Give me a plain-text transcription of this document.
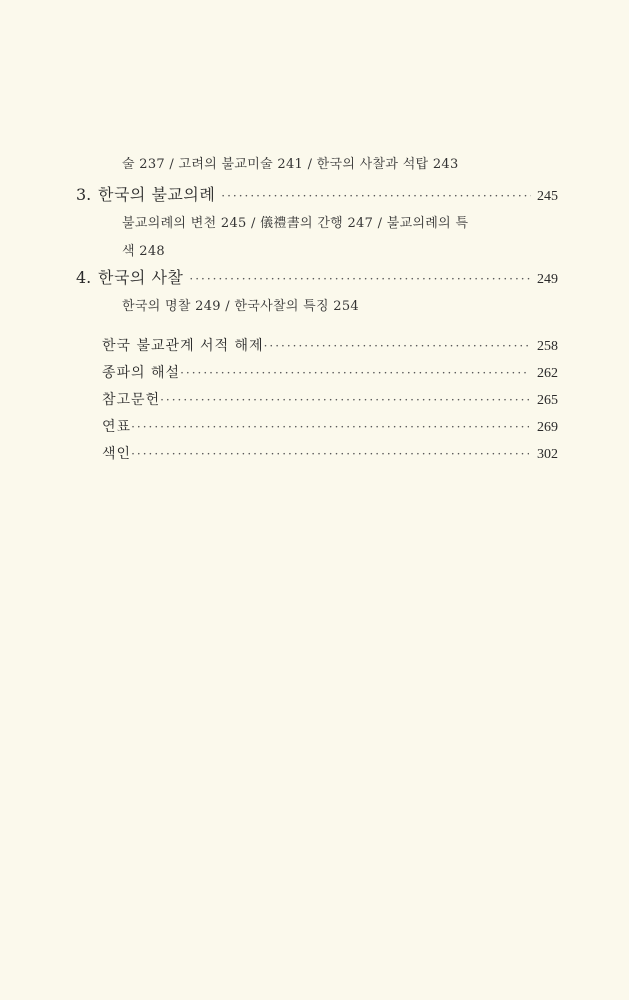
술 237 / 고려의 불교미술 241 / 한국의 사찰과 석탑 243
3. 한국의 불교의례 ·····	245
불교의례의 변천 245 / 儀禮書의 간행 247 / 불교의례의 특
색 248
4. 한국의 사찰 ·····	249
한국의 명찰 249 / 한국사찰의 특징 254
한국 불교관계 서적 해제 ·····	258
종파의 해설 ·····	262
참고문헌 ·····	265
연표 ·····	269
색인 ·····	302
